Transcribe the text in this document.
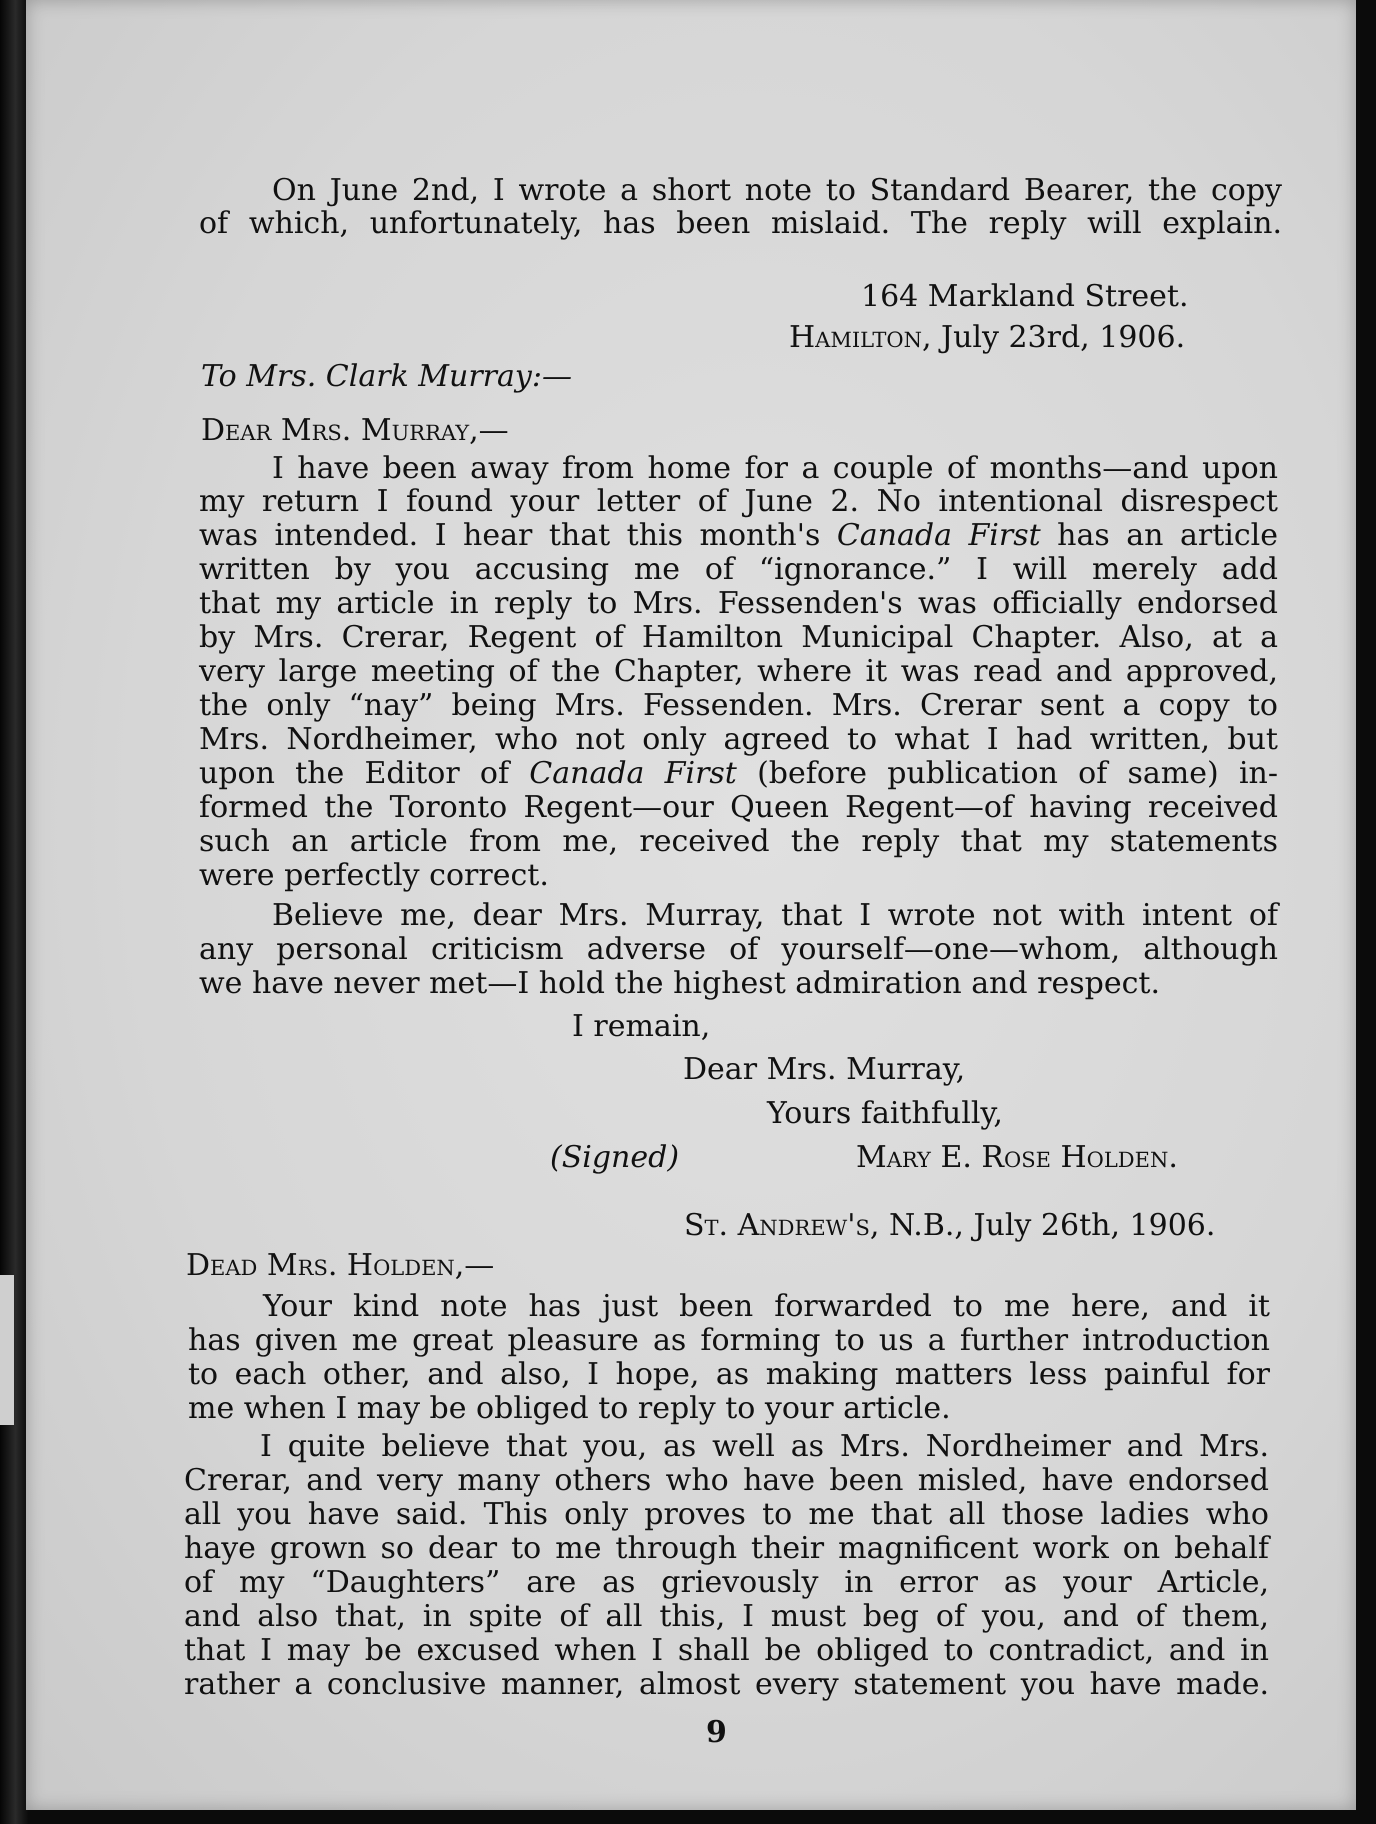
On June 2nd, I wrote a short note to Standard Bearer, the copy
of which, unfortunately, has been mislaid. The reply will explain.
164 Markland Street.
Hamilton, July 23rd, 1906.
To Mrs. Clark Murray:—
Dear Mrs. Murray,—
I have been away from home for a couple of months—and upon
my return I found your letter of June 2. No intentional disrespect
was intended. I hear that this month's Canada First has an article
written by you accusing me of “ignorance.” I will merely add
that my article in reply to Mrs. Fessenden's was officially endorsed
by Mrs. Crerar, Regent of Hamilton Municipal Chapter. Also, at a
very large meeting of the Chapter, where it was read and approved,
the only “nay” being Mrs. Fessenden. Mrs. Crerar sent a copy to
Mrs. Nordheimer, who not only agreed to what I had written, but
upon the Editor of Canada First (before publication of same) in-
formed the Toronto Regent—our Queen Regent—of having received
such an article from me, received the reply that my statements
were perfectly correct.
Believe me, dear Mrs. Murray, that I wrote not with intent of
any personal criticism adverse of yourself—one—whom, although
we have never met—I hold the highest admiration and respect.
I remain,
Dear Mrs. Murray,
Yours faithfully,
(Signed)	Mary E. Rose Holden.
St. Andrew's, N.B., July 26th, 1906.
Dead Mrs. Holden,—
Your kind note has just been forwarded to me here, and it
has given me great pleasure as forming to us a further introduction
to each other, and also, I hope, as making matters less painful for
me when I may be obliged to reply to your article.
I quite believe that you, as well as Mrs. Nordheimer and Mrs.
Crerar, and very many others who have been misled, have endorsed
all you have said. This only proves to me that all those ladies who
haye grown so dear to me through their magnificent work on behalf
of my “Daughters” are as grievously in error as your Article,
and also that, in spite of all this, I must beg of you, and of them,
that I may be excused when I shall be obliged to contradict, and in
rather a conclusive manner, almost every statement you have made.
9
